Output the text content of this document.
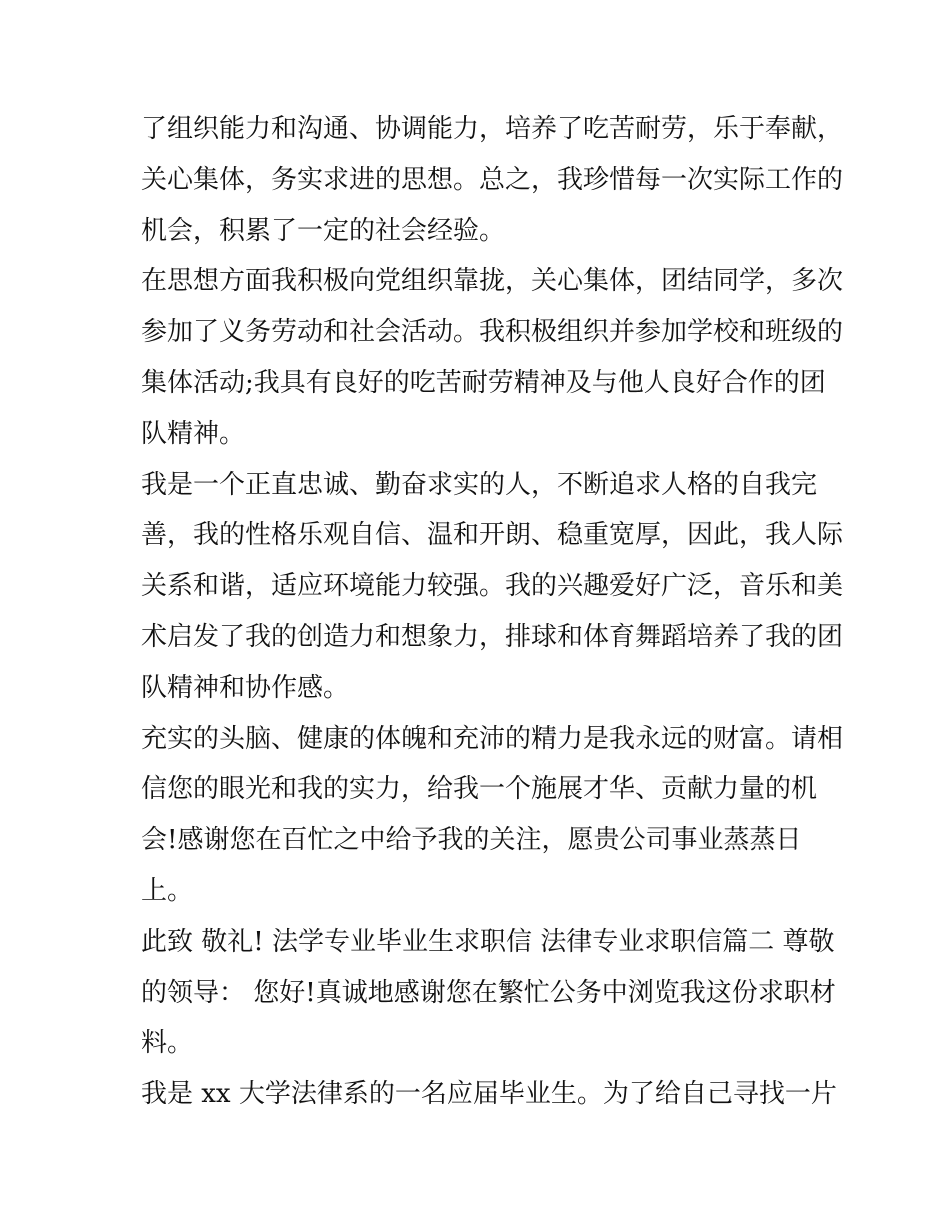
了组织能力和沟通、协调能力，培养了吃苦耐劳，乐于奉献，
关心集体，务实求进的思想。总之，我珍惜每一次实际工作的
机会，积累了一定的社会经验。
在思想方面我积极向党组织靠拢，关心集体，团结同学，多次
参加了义务劳动和社会活动。我积极组织并参加学校和班级的
集体活动;我具有良好的吃苦耐劳精神及与他人良好合作的团
队精神。
我是一个正直忠诚、勤奋求实的人，不断追求人格的自我完
善，我的性格乐观自信、温和开朗、稳重宽厚，因此，我人际
关系和谐，适应环境能力较强。我的兴趣爱好广泛，音乐和美
术启发了我的创造力和想象力，排球和体育舞蹈培养了我的团
队精神和协作感。
充实的头脑、健康的体魄和充沛的精力是我永远的财富。请相
信您的眼光和我的实力，给我一个施展才华、贡献力量的机
会!感谢您在百忙之中给予我的关注，愿贵公司事业蒸蒸日
上。
此致 敬礼! 法学专业毕业生求职信 法律专业求职信篇二 尊敬
的领导： 您好!真诚地感谢您在繁忙公务中浏览我这份求职材
料。
我是 xx 大学法律系的一名应届毕业生。为了给自己寻找一片
